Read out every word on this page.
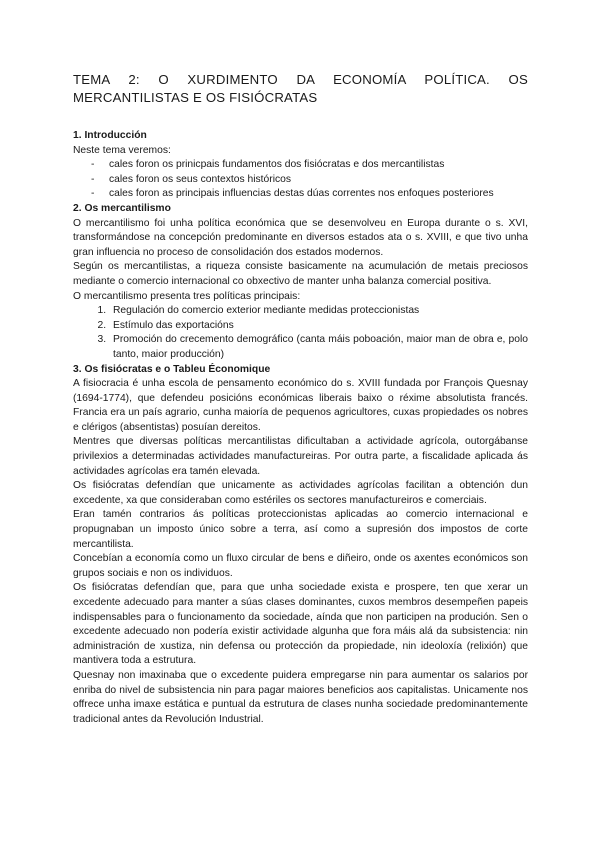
TEMA 2: O XURDIMENTO DA ECONOMÍA POLÍTICA. OS
MERCANTILISTAS E OS FISIÓCRATAS
1. Introducción

Neste tema veremos:

- cales foron os prinicpais fundamentos dos fisiócratas e dos mercantilistas
- cales foron os seus contextos históricos
- cales foron as principais influencias destas dúas correntes nos enfoques posteriores
2. Os mercantilismo

O mercantilismo foi unha política económica que se desenvolveu en Europa durante o s. XVI, transformándose na concepción predominante en diversos estados ata o s. XVIII, e que tivo unha gran influencia no proceso de consolidación dos estados modernos.

Según os mercantilistas, a riqueza consiste basicamente na acumulación de metais preciosos mediante o comercio internacional co obxectivo de manter unha balanza comercial positiva.

O mercantilismo presenta tres políticas principais:

1. Regulación do comercio exterior mediante medidas proteccionistas
2. Estímulo das exportacións
3. Promoción do crecemento demográfico (canta máis poboación, maior man de obra e, polo tanto, maior producción)
3. Os fisiócratas e o Tableu Économique

A fisiocracia é unha escola de pensamento económico do s. XVIII fundada por François Quesnay (1694-1774), que defendeu posicións económicas liberais baixo o réxime absolutista francés. Francia era un país agrario, cunha maioría de pequenos agricultores, cuxas propiedades os nobres e clérigos (absentistas) posuían dereitos.

Mentres que diversas políticas mercantilistas dificultaban a actividade agrícola, outorgábanse privilexios a determinadas actividades manufactureiras. Por outra parte, a fiscalidade aplicada ás actividades agrícolas era tamén elevada.

Os fisiócratas defendían que unicamente as actividades agrícolas facilitan a obtención dun excedente, xa que consideraban como estériles os sectores manufactureiros e comerciais.

Eran tamén contrarios ás políticas proteccionistas aplicadas ao comercio internacional e propugnaban un imposto único sobre a terra, así como a supresión dos impostos de corte mercantilista.

Concebían a economía como un fluxo circular de bens e diñeiro, onde os axentes económicos son grupos sociais e non os individuos.

Os fisiócratas defendían que, para que unha sociedade exista e prospere, ten que xerar un excedente adecuado para manter a súas clases dominantes, cuxos membros desempeñen papeis indispensables para o funcionamento da sociedade, aínda que non participen na produción. Sen o excedente adecuado non podería existir actividade algunha que fora máis alá da subsistencia: nin administración de xustiza, nin defensa ou protección da propiedade, nin ideoloxía (relixión) que mantivera toda a estrutura.

Quesnay non imaxinaba que o excedente puidera empregarse nin para aumentar os salarios por enriba do nivel de subsistencia nin para pagar maiores beneficios aos capitalistas. Unicamente nos offrece unha imaxe estática e puntual da estrutura de clases nunha sociedade predominantemente tradicional antes da Revolución Industrial.
